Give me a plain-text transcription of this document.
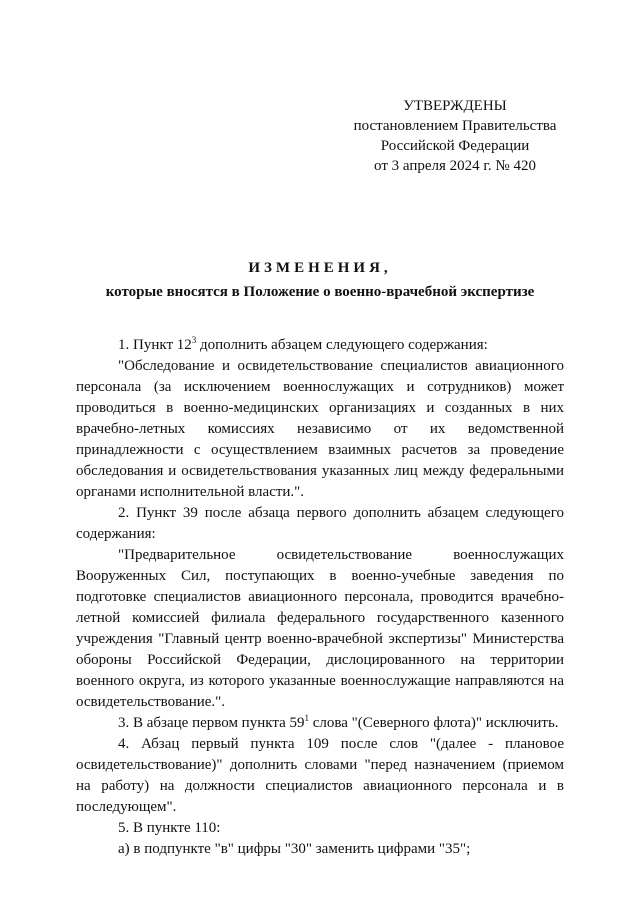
УТВЕРЖДЕНЫ
постановлением Правительства
Российской Федерации
от 3 апреля 2024 г. № 420
ИЗМЕНЕНИЯ,
которые вносятся в Положение о военно-врачебной экспертизе

1. Пункт $12^3$ дополнить абзацем следующего содержания:

"Обследование и освидетельствование специалистов авиационного персонала (за исключением военнослужащих и сотрудников) может проводиться в военно-медицинских организациях и созданных в них врачебно-летных комиссиях независимо от их ведомственной принадлежности с осуществлением взаимных расчетов за проведение обследования и освидетельствования указанных лиц между федеральными органами исполнительной власти.".

2. Пункт 39 после абзаца первого дополнить абзацем следующего содержания:

"Предварительное освидетельствование военнослужащих Вооруженных Сил, поступающих в военно-учебные заведения по подготовке специалистов авиационного персонала, проводится врачебно-летной комиссией филиала федерального государственного казенного учреждения "Главный центр военно-врачебной экспертизы" Министерства обороны Российской Федерации, дислоцированного на территории военного округа, из которого указанные военнослужащие направляются на освидетельствование.".

3. В абзаце первом пункта $59^1$ слова "(Северного флота)" исключить.

4. Абзац первый пункта 109 после слов "(далее - плановое освидетельствование)" дополнить словами "перед назначением (приемом на работу) на должности специалистов авиационного персонала и в последующем".

5. В пункте 110:

а) в подпункте "в" цифры "30" заменить цифрами "35";
